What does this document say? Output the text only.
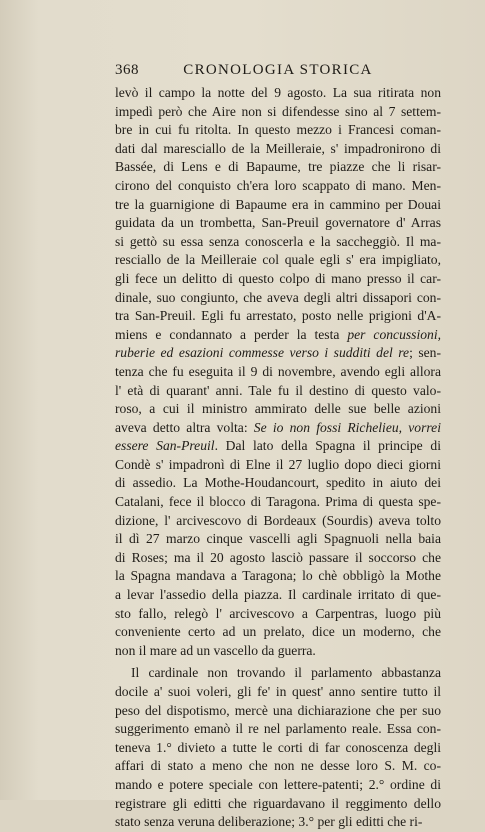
368	CRONOLOGIA STORICA
levò il campo la notte del 9 agosto. La sua ritirata non
impedì però che Aire non si difendesse sino al 7 settem-
bre in cui fu ritolta. In questo mezzo i Francesi coman-
dati dal maresciallo de la Meilleraie, s' impadronirono di
Bassée, di Lens e di Bapaume, tre piazze che li risar-
cirono del conquisto ch'era loro scappato di mano. Men-
tre la guarnigione di Bapaume era in cammino per Douai
guidata da un trombetta, San-Preuil governatore d' Arras
si gettò su essa senza conoscerla e la saccheggiò. Il ma-
resciallo de la Meilleraie col quale egli s' era impigliato,
gli fece un delitto di questo colpo di mano presso il car-
dinale, suo congiunto, che aveva degli altri dissapori con-
tra San-Preuil. Egli fu arrestato, posto nelle prigioni d'A-
miens e condannato a perder la testa per concussioni,
ruberie ed esazioni commesse verso i sudditi del re; sen-
tenza che fu eseguita il 9 di novembre, avendo egli allora
l' età di quarant' anni. Tale fu il destino di questo valo-
roso, a cui il ministro ammirato delle sue belle azioni
aveva detto altra volta: Se io non fossi Richelieu, vorrei
essere San-Preuil. Dal lato della Spagna il principe di
Condè s' impadronì di Elne il 27 luglio dopo dieci giorni
di assedio. La Mothe-Houdancourt, spedito in aiuto dei
Catalani, fece il blocco di Taragona. Prima di questa spe-
dizione, l' arcivescovo di Bordeaux (Sourdis) aveva tolto
il dì 27 marzo cinque vascelli agli Spagnuoli nella baia
di Roses; ma il 20 agosto lasciò passare il soccorso che
la Spagna mandava a Taragona; lo chè obbligò la Mothe
a levar l'assedio della piazza. Il cardinale irritato di que-
sto fallo, relegò l' arcivescovo a Carpentras, luogo più
conveniente certo ad un prelato, dice un moderno, che
non il mare ad un vascello da guerra.
Il cardinale non trovando il parlamento abbastanza
docile a' suoi voleri, gli fe' in quest' anno sentire tutto il
peso del dispotismo, mercè una dichiarazione che per suo
suggerimento emanò il re nel parlamento reale. Essa con-
teneva 1.° divieto a tutte le corti di far conoscenza degli
affari di stato a meno che non ne desse loro S. M. co-
mando e potere speciale con lettere-patenti; 2.° ordine di
registrare gli editti che riguardavano il reggimento dello
stato senza veruna deliberazione; 3.° per gli editti che ri-
